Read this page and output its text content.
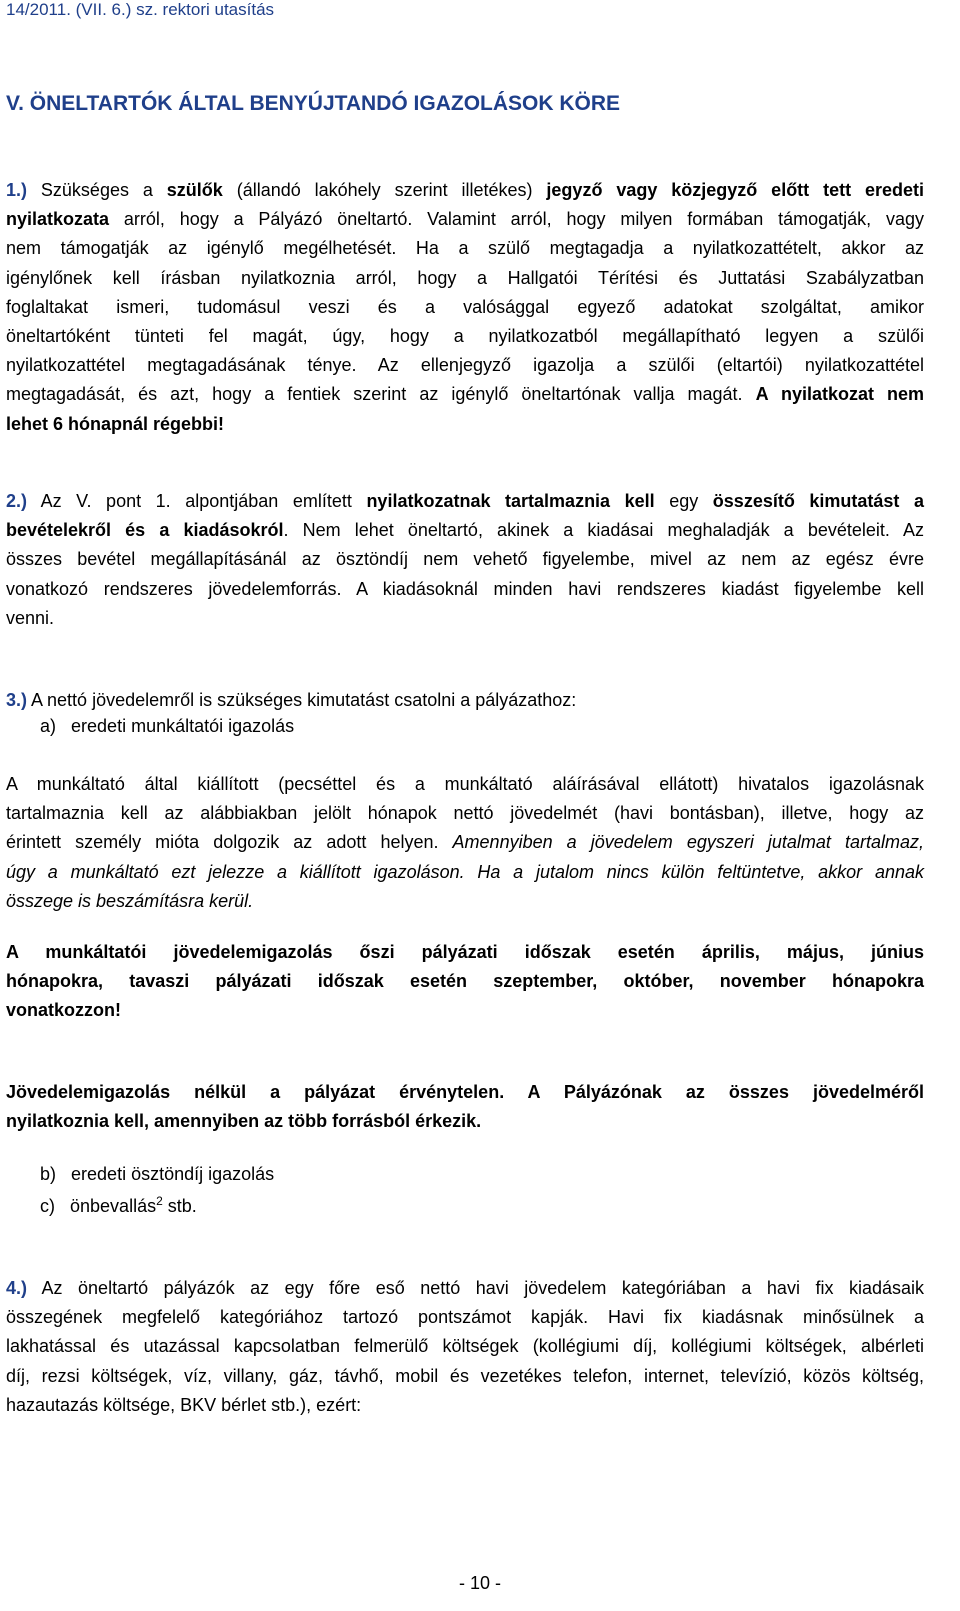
14/2011. (VII. 6.) sz. rektori utasítás
V. ÖNELTARTÓK ÁLTAL BENYÚJTANDÓ IGAZOLÁSOK KÖRE
1.) Szükséges a szülők (állandó lakóhely szerint illetékes) jegyző vagy közjegyző előtt tett eredeti
nyilatkozata arról, hogy a Pályázó öneltartó. Valamint arról, hogy milyen formában támogatják, vagy
nem támogatják az igénylő megélhetését. Ha a szülő megtagadja a nyilatkozattételt, akkor az
igénylőnek kell írásban nyilatkoznia arról, hogy a Hallgatói Térítési és Juttatási Szabályzatban
foglaltakat ismeri, tudomásul veszi és a valósággal egyező adatokat szolgáltat, amikor
öneltartóként tünteti fel magát, úgy, hogy a nyilatkozatból megállapítható legyen a szülői
nyilatkozattétel megtagadásának ténye. Az ellenjegyző igazolja a szülői (eltartói) nyilatkozattétel
megtagadását, és azt, hogy a fentiek szerint az igénylő öneltartónak vallja magát. A nyilatkozat nem
lehet 6 hónapnál régebbi!
2.) Az V. pont 1. alpontjában említett nyilatkozatnak tartalmaznia kell egy összesítő kimutatást a
bevételekről és a kiadásokról. Nem lehet öneltartó, akinek a kiadásai meghaladják a bevételeit. Az
összes bevétel megállapításánál az ösztöndíj nem vehető figyelembe, mivel az nem az egész évre
vonatkozó rendszeres jövedelemforrás. A kiadásoknál minden havi rendszeres kiadást figyelembe kell
venni.
3.) A nettó jövedelemről is szükséges kimutatást csatolni a pályázathoz:
a) eredeti munkáltatói igazolás
A munkáltató által kiállított (pecséttel és a munkáltató aláírásával ellátott) hivatalos igazolásnak
tartalmaznia kell az alábbiakban jelölt hónapok nettó jövedelmét (havi bontásban), illetve, hogy az
érintett személy mióta dolgozik az adott helyen. Amennyiben a jövedelem egyszeri jutalmat tartalmaz,
úgy a munkáltató ezt jelezze a kiállított igazoláson. Ha a jutalom nincs külön feltüntetve, akkor annak
összege is beszámításra kerül.
A munkáltatói jövedelemigazolás őszi pályázati időszak esetén április, május, június
hónapokra, tavaszi pályázati időszak esetén szeptember, október, november hónapokra
vonatkozzon!
Jövedelemigazolás nélkül a pályázat érvénytelen. A Pályázónak az összes jövedelméről
nyilatkoznia kell, amennyiben az több forrásból érkezik.
b) eredeti ösztöndíj igazolás
c) önbevallás$^2$ stb.
4.) Az öneltartó pályázók az egy főre eső nettó havi jövedelem kategóriában a havi fix kiadásaik
összegének megfelelő kategóriához tartozó pontszámot kapják. Havi fix kiadásnak minősülnek a
lakhatással és utazással kapcsolatban felmerülő költségek (kollégiumi díj, kollégiumi költségek, albérleti
díj, rezsi költségek, víz, villany, gáz, távhő, mobil és vezetékes telefon, internet, televízió, közös költség,
hazautazás költsége, BKV bérlet stb.), ezért:
- 10 -
